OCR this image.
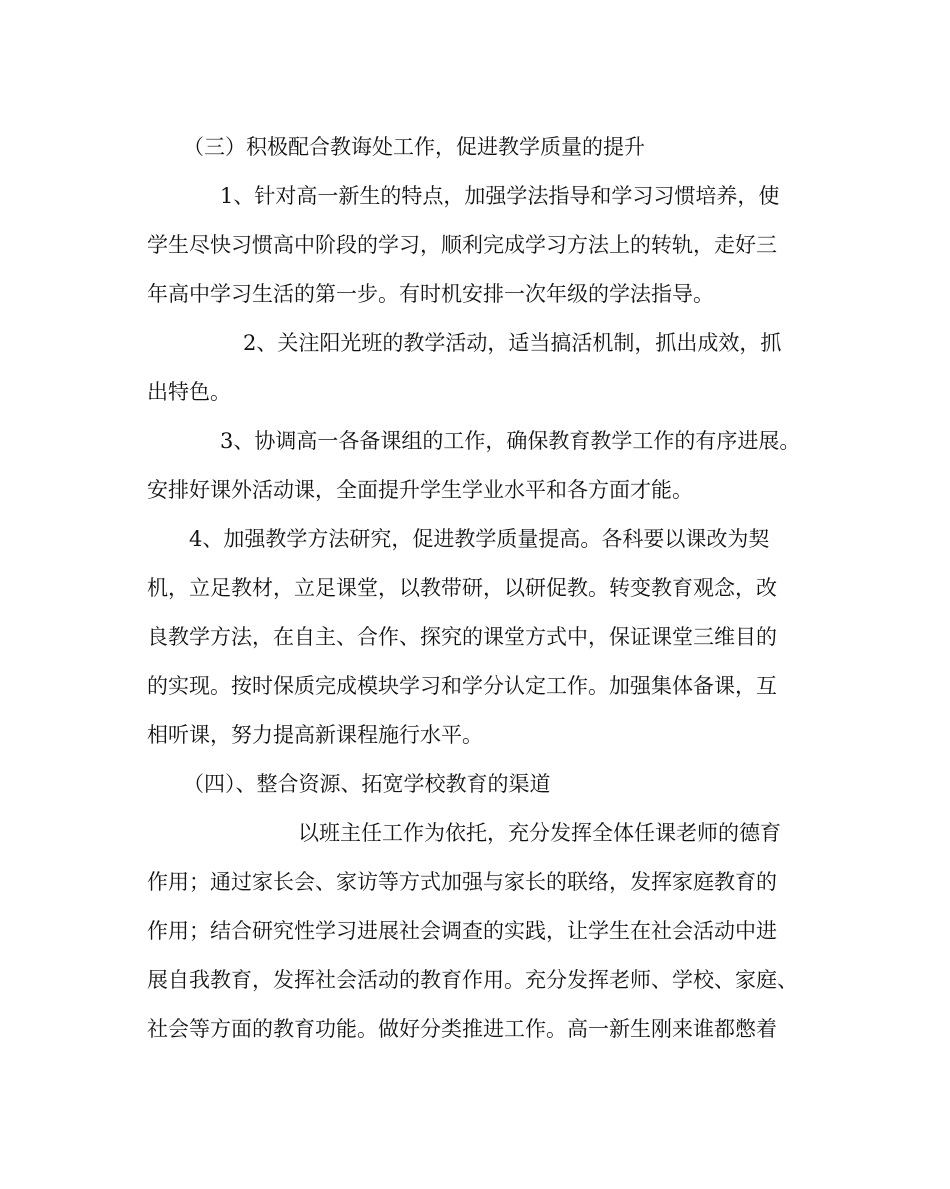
（三）积极配合教诲处工作，促进教学质量的提升
1、针对高一新生的特点，加强学法指导和学习习惯培养，使
学生尽快习惯高中阶段的学习，顺利完成学习方法上的转轨，走好三
年高中学习生活的第一步。有时机安排一次年级的学法指导。
2、关注阳光班的教学活动，适当搞活机制，抓出成效，抓
出特色。
3、协调高一各备课组的工作，确保教育教学工作的有序进展。
安排好课外活动课，全面提升学生学业水平和各方面才能。
4、加强教学方法研究，促进教学质量提高。各科要以课改为契
机，立足教材，立足课堂，以教带研，以研促教。转变教育观念，改
良教学方法，在自主、合作、探究的课堂方式中，保证课堂三维目的
的实现。按时保质完成模块学习和学分认定工作。加强集体备课，互
相听课，努力提高新课程施行水平。
（四）、整合资源、拓宽学校教育的渠道
以班主任工作为依托，充分发挥全体任课老师的德育
作用；通过家长会、家访等方式加强与家长的联络，发挥家庭教育的
作用；结合研究性学习进展社会调查的实践，让学生在社会活动中进
展自我教育，发挥社会活动的教育作用。充分发挥老师、学校、家庭、
社会等方面的教育功能。做好分类推进工作。高一新生刚来谁都憋着
